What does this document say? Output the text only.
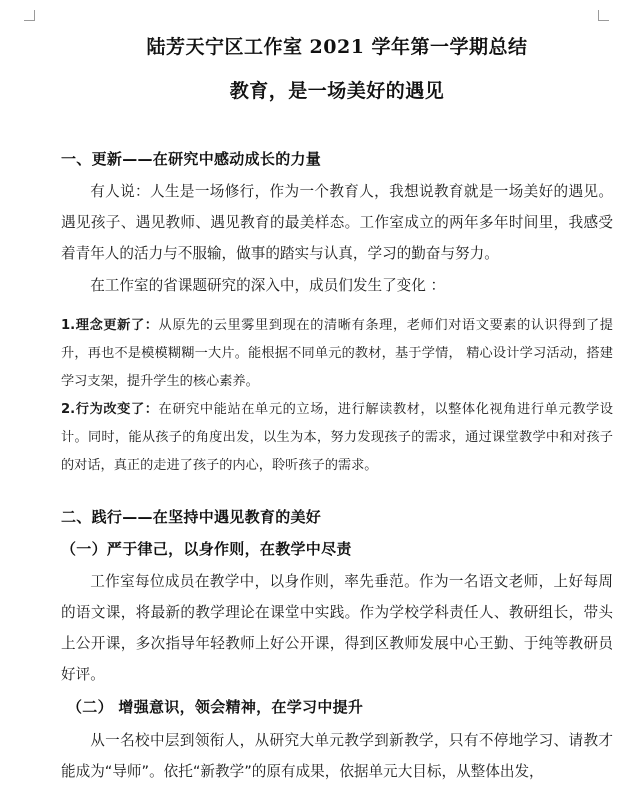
陆芳天宁区工作室 2021 学年第一学期总结
教育，是一场美好的遇见
一、更新——在研究中感动成长的力量
有人说：人生是一场修行，作为一个教育人，我想说教育就是一场美好的遇见。遇见孩子、遇见教师、遇见教育的最美样态。工作室成立的两年多年时间里，我感受着青年人的活力与不服输，做事的踏实与认真，学习的勤奋与努力。
在工作室的省课题研究的深入中，成员们发生了变化 ：
1.理念更新了：从原先的云里雾里到现在的清晰有条理，老师们对语文要素的认识得到了提升，再也不是模模糊糊一大片。能根据不同单元的教材，基于学情， 精心设计学习活动，搭建学习支架，提升学生的核心素养。
2.行为改变了：在研究中能站在单元的立场，进行解读教材，以整体化视角进行单元教学设计。同时，能从孩子的角度出发，以生为本，努力发现孩子的需求，通过课堂教学中和对孩子的对话，真正的走进了孩子的内心，聆听孩子的需求。
二、践行——在坚持中遇见教育的美好
（一）严于律己，以身作则，在教学中尽责
工作室每位成员在教学中，以身作则，率先垂范。作为一名语文老师，上好每周的语文课，将最新的教学理论在课堂中实践。作为学校学科责任人、教研组长，带头上公开课，多次指导年轻教师上好公开课，得到区教师发展中心王勤、于纯等教研员好评。
（二） 增强意识，领会精神，在学习中提升
从一名校中层到领衔人，从研究大单元教学到新教学，只有不停地学习、请教才能成为“导师”。依托“新教学”的原有成果，依据单元大目标，从整体出发，
